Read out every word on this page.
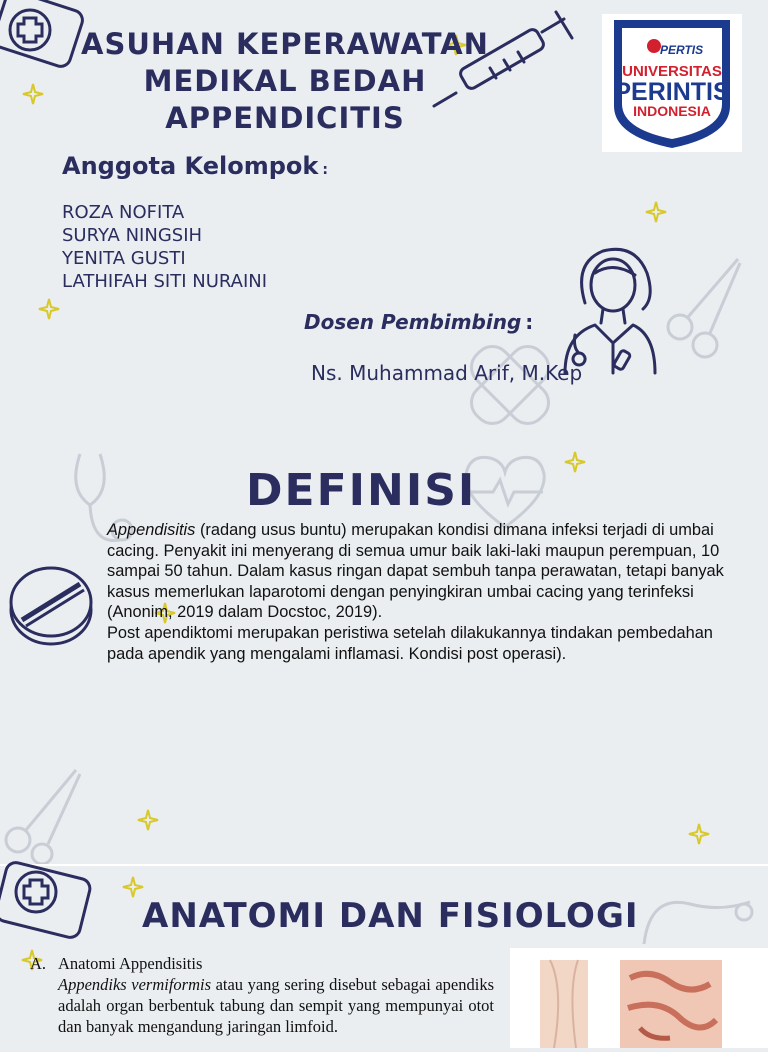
ASUHAN KEPERAWATAN
MEDIKAL BEDAH
APPENDICITIS
PERTIS
UNIVERSITAS
PERINTIS
INDONESIA
Anggota Kelompok :
ROZA NOFITA
SURYA NINGSIH
YENITA GUSTI
LATHIFAH SITI NURAINI
Dosen Pembimbing :
Ns. Muhammad Arif, M.Kep
DEFINISI

Appendisitis (radang usus buntu) merupakan kondisi dimana infeksi terjadi di umbai cacing. Penyakit ini menyerang di semua umur baik laki-laki maupun perempuan, 10 sampai 50 tahun. Dalam kasus ringan dapat sembuh tanpa perawatan, tetapi banyak kasus memerlukan laparotomi dengan penyingkiran umbai cacing yang terinfeksi (Anonim, 2019 dalam Docstoc, 2019).

Post apendiktomi merupakan peristiwa setelah dilakukannya tindakan pembedahan pada apendik yang mengalami inflamasi. Kondisi post operasi).

ANATOMI DAN FISIOLOGI
A. Anatomi Appendisitis
Appendiks vermiformis atau yang sering disebut sebagai apendiks adalah organ berbentuk tabung dan sempit yang mempunyai otot dan banyak mengandung jaringan limfoid.
